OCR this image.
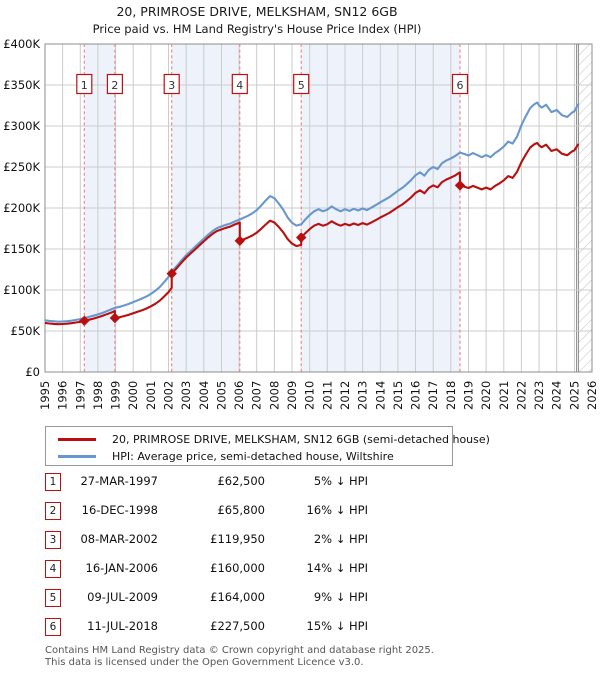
20, PRIMROSE DRIVE, MELKSHAM, SN12 6GB
Price paid vs. HM Land Registry's House Price Index (HPI)
1 2	3	4	5	6
£0
£50K
£100K
£150K
£200K
£250K
£300K
£350K
£400K
1995 1996 1997 1998 1999 2000 2001 2002 2003 2004 2005 2006 2007 2008 2009 2010 2011 2012 2013 2014 2015 2016 2017 2018 2019 2020 2021 2022 2023 2024 2025 2026
20, PRIMROSE DRIVE, MELKSHAM, SN12 6GB (semi-detached house)
HPI: Average price, semi-detached house, Wiltshire
1	27-MAR-1997	£62,500	5% ↓ HPI
2	16-DEC-1998	£65,800	16% ↓ HPI
3	08-MAR-2002	£119,950	2% ↓ HPI
4	16-JAN-2006	£160,000	14% ↓ HPI
5	09-JUL-2009	£164,000	9% ↓ HPI
6	11-JUL-2018	£227,500	15% ↓ HPI
Contains HM Land Registry data © Crown copyright and database right 2025.
This data is licensed under the Open Government Licence v3.0.
